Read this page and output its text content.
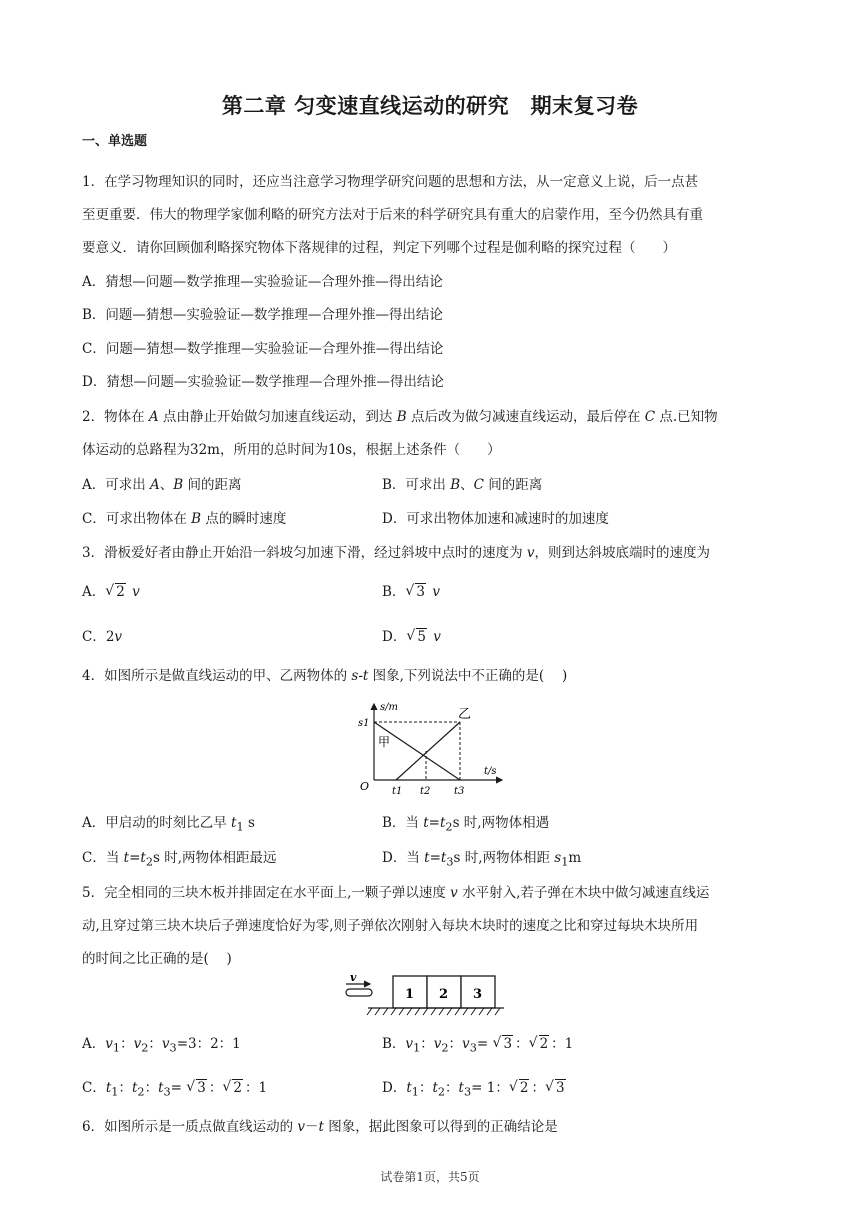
第二章 匀变速直线运动的研究　期末复习卷
一、单选题
1．在学习物理知识的同时，还应当注意学习物理学研究问题的思想和方法，从一定意义上说，后一点甚
至更重要．伟大的物理学家伽利略的研究方法对于后来的科学研究具有重大的启蒙作用，至今仍然具有重
要意义．请你回顾伽利略探究物体下落规律的过程，判定下列哪个过程是伽利略的探究过程（　　）
A．猜想—问题—数学推理—实验验证—合理外推—得出结论
B．问题—猜想—实验验证—数学推理—合理外推—得出结论
C．问题—猜想—数学推理—实验验证—合理外推—得出结论
D．猜想—问题—实验验证—数学推理—合理外推—得出结论
2．物体在 A 点由静止开始做匀加速直线运动，到达 B 点后改为做匀减速直线运动，最后停在 C 点.已知物
体运动的总路程为32m，所用的总时间为10s，根据上述条件（　　）
A．可求出 A、B 间的距离	B．可求出 B、C 间的距离
C．可求出物体在 B 点的瞬时速度	D．可求出物体加速和减速时的加速度
3．滑板爱好者由静止开始沿一斜坡匀加速下滑，经过斜坡中点时的速度为 v，则到达斜坡底端时的速度为
A． √ 2 v	B． √ 3 v
C．2v	D． √ 5 v
4．如图所示是做直线运动的甲、乙两物体的 s-t 图象,下列说法中不正确的是(　 )
s/m
t/s
s1
O t1 t2 t3
甲
乙
A．甲启动的时刻比乙早 $t_1$ s	B．当 $t=t_2s$ 时,两物体相遇
C．当 $t=t_2s$ 时,两物体相距最远	D．当 $t=t_3s$ 时,两物体相距 $s_1m$
5．完全相同的三块木板并排固定在水平面上,一颗子弹以速度 v 水平射入,若子弹在木块中做匀减速直线运
动,且穿过第三块木块后子弹速度恰好为零,则子弹依次刚射入每块木块时的速度之比和穿过每块木块所用
的时间之比正确的是(　 )
v
1 2 3
A．$v_1$：$v_2$：$v_3=3$：2：1	B．$v_1$：$v_2$：$v_3=$ √ 3 ： √ 2 ：1
C．$t_1$：$t_2$：$t_3=$ √ 3 ： √ 2 ：1	D．$t_1$：$t_2$：$t_3= 1$： √ 2 ： √ 3
6．如图所示是一质点做直线运动的 v－t 图象，据此图象可以得到的正确结论是
试卷第1页，共5页
